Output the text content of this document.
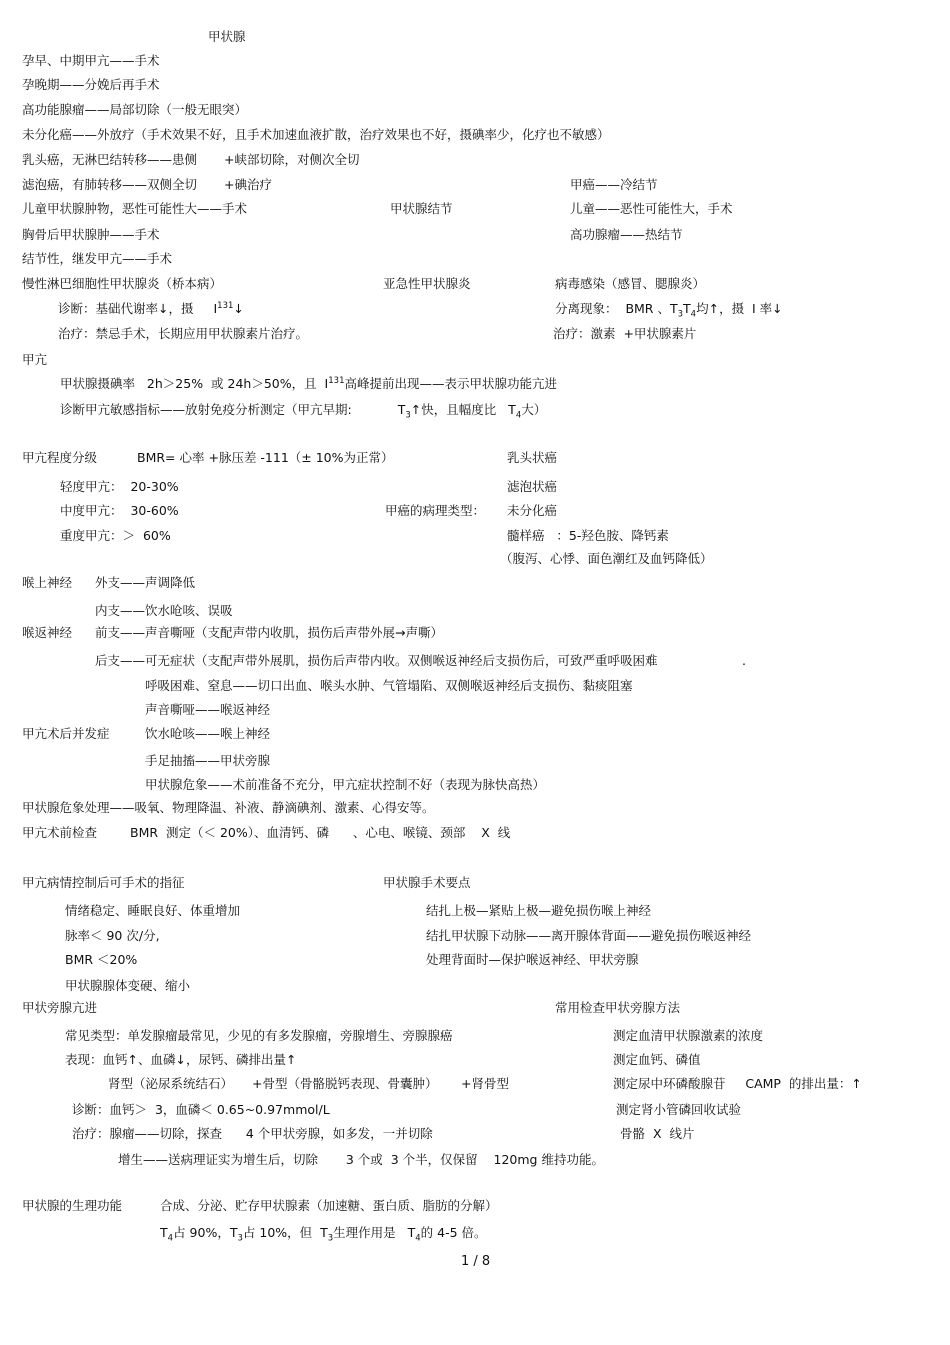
甲状腺
孕早、中期甲亢——手术
孕晚期——分娩后再手术
高功能腺瘤——局部切除（一般无眼突）
未分化癌——外放疗（手术效果不好，且手术加速血液扩散，治疗效果也不好，摄碘率少，化疗也不敏感）
乳头癌，无淋巴结转移——患侧 +峡部切除，对侧次全切
滤泡癌，有肺转移——双侧全切 +碘治疗	甲癌——冷结节
儿童甲状腺肿物，恶性可能性大——手术	甲状腺结节	儿童——恶性可能性大，手术
胸骨后甲状腺肿——手术	高功腺瘤——热结节
结节性，继发甲亢——手术
慢性淋巴细胞性甲状腺炎（桥本病）	亚急性甲状腺炎	病毒感染（感冒、腮腺炎）
诊断：基础代谢率↓，摄 $I^{131}↓$	分离现象：  BMR 、$T_3T_4$均↑，摄  I 率↓
治疗：禁忌手术，长期应用甲状腺素片治疗。	治疗：激素  +甲状腺素片
甲亢
甲状腺摄碘率   2h＞25%  或 24h＞50%，且  $I^{131}$高峰提前出现——表示甲状腺功能亢进
诊断甲亢敏感指标——放射免疫分析测定（甲亢早期:	$T_3↑$快，且幅度比   $T_4$大）
甲亢程度分级	BMR= 心率 +脉压差 -111（± 10%为正常）	乳头状癌
轻度甲亢：  20-30%	滤泡状癌
中度甲亢：  30-60%	甲癌的病理类型： 未分化癌
重度甲亢：＞  60%	髓样癌   ：5-羟色胺、降钙素
（腹泻、心悸、面色潮红及血钙降低）
喉上神经 外支——声调降低
内支——饮水呛咳、误吸
喉返神经 前支——声音嘶哑（支配声带内收肌，损伤后声带外展→声嘶）
后支——可无症状（支配声带外展肌，损伤后声带内收。双侧喉返神经后支损伤后，可致严重呼吸困难	.
呼吸困难、窒息——切口出血、喉头水肿、气管塌陷、双侧喉返神经后支损伤、黏痰阻塞
声音嘶哑——喉返神经
甲亢术后并发症	饮水呛咳——喉上神经
手足抽搐——甲状旁腺
甲状腺危象——术前准备不充分，甲亢症状控制不好（表现为脉快高热）
甲状腺危象处理——吸氧、物理降温、补液、静滴碘剂、激素、心得安等。
甲亢术前检查	BMR  测定（＜ 20%）、血清钙、磷      、心电、喉镜、颈部    X  线
甲亢病情控制后可手术的指征	甲状腺手术要点
情绪稳定、睡眠良好、体重增加	结扎上极—紧贴上极—避免损伤喉上神经
脉率＜ 90 次/分,	结扎甲状腺下动脉——离开腺体背面——避免损伤喉返神经
BMR ＜20%	处理背面时—保护喉返神经、甲状旁腺
甲状腺腺体变硬、缩小
甲状旁腺亢进	常用检查甲状旁腺方法
常见类型：单发腺瘤最常见，少见的有多发腺瘤，旁腺增生、旁腺腺癌	测定血清甲状腺激素的浓度
表现：血钙↑、血磷↓，尿钙、磷排出量↑	测定血钙、磷值
肾型（泌尿系统结石） +骨型（骨骼脱钙表现、骨囊肿） +肾骨型	测定尿中环磷酸腺苷     CAMP  的排出量：↑
诊断：血钙＞  3，血磷＜ 0.65~0.97mmol/L	测定肾小管磷回收试验
治疗：腺瘤——切除，探查      4 个甲状旁腺，如多发，一并切除	骨骼  X  线片
增生——送病理证实为增生后，切除       3 个或  3 个半，仅保留    120mg 维持功能。
甲状腺的生理功能	合成、分泌、贮存甲状腺素（加速糖、蛋白质、脂肪的分解）
$T_4$占 90%，$T_3$占 10%，但  $T_3$生理作用是   $T_4$的 4-5 倍。
1 / 8
